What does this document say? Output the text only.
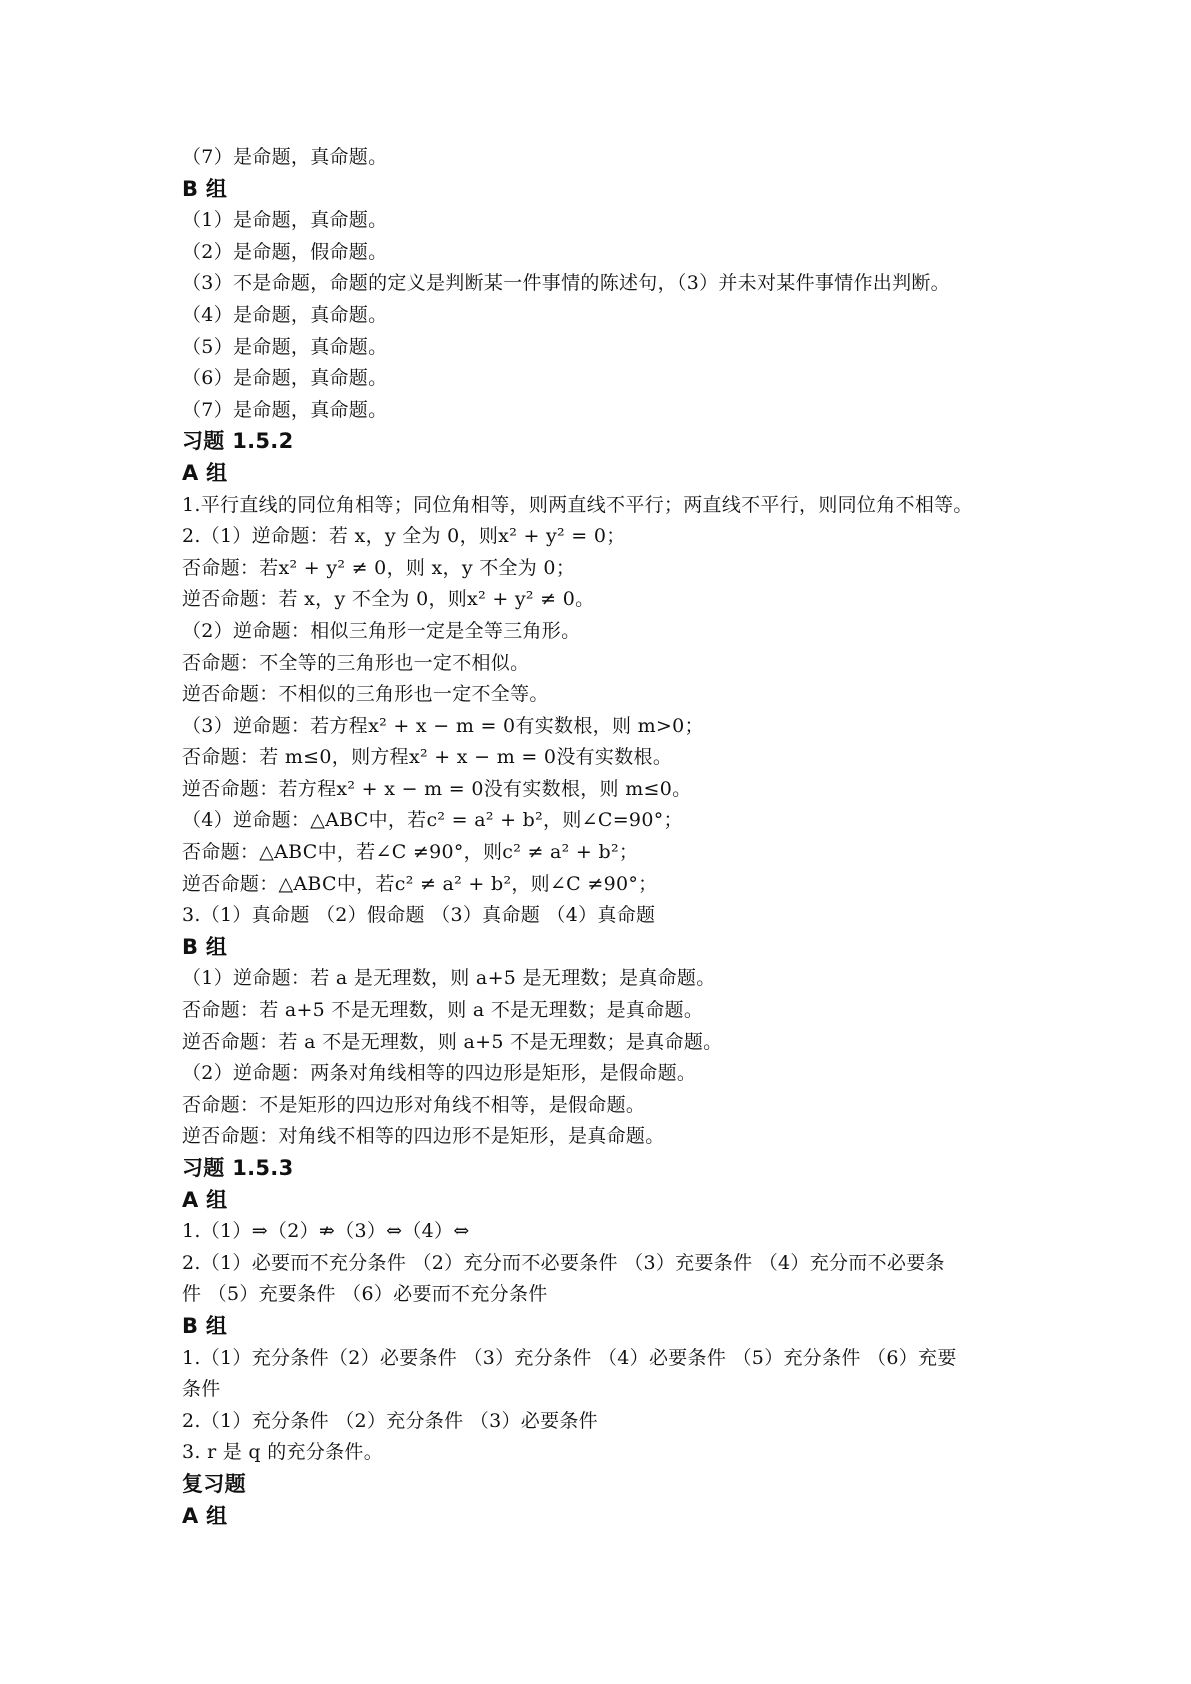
（7）是命题，真命题。
B 组
（1）是命题，真命题。
（2）是命题，假命题。
（3）不是命题，命题的定义是判断某一件事情的陈述句，（3）并未对某件事情作出判断。
（4）是命题，真命题。
（5）是命题，真命题。
（6）是命题，真命题。
（7）是命题，真命题。
习题 1.5.2
A 组
1.平行直线的同位角相等；同位角相等，则两直线不平行；两直线不平行，则同位角不相等。
2.（1）逆命题：若 x，y 全为 0，则x² + y² = 0；
否命题：若x² + y² ≠ 0，则 x，y 不全为 0；
逆否命题：若 x，y 不全为 0，则x² + y² ≠ 0。
（2）逆命题：相似三角形一定是全等三角形。
否命题：不全等的三角形也一定不相似。
逆否命题：不相似的三角形也一定不全等。
（3）逆命题：若方程x² + x − m = 0有实数根，则 m>0；
否命题：若 m≤0，则方程x² + x − m = 0没有实数根。
逆否命题：若方程x² + x − m = 0没有实数根，则 m≤0。
（4）逆命题：△ABC中，若c² = a² + b²，则∠C=90°；
否命题：△ABC中，若∠C ≠90°，则c² ≠ a² + b²；
逆否命题：△ABC中，若c² ≠ a² + b²，则∠C ≠90°；
3.（1）真命题 （2）假命题 （3）真命题 （4）真命题
B 组
（1）逆命题：若 a 是无理数，则 a+5 是无理数；是真命题。
否命题：若 a+5 不是无理数，则 a 不是无理数；是真命题。
逆否命题：若 a 不是无理数，则 a+5 不是无理数；是真命题。
（2）逆命题：两条对角线相等的四边形是矩形，是假命题。
否命题：不是矩形的四边形对角线不相等，是假命题。
逆否命题：对角线不相等的四边形不是矩形，是真命题。
习题 1.5.3
A 组
1.（1）⇒（2）⇏（3）⇔（4）⇔
2.（1）必要而不充分条件 （2）充分而不必要条件 （3）充要条件 （4）充分而不必要条
件 （5）充要条件 （6）必要而不充分条件
B 组
1.（1）充分条件（2）必要条件 （3）充分条件 （4）必要条件 （5）充分条件 （6）充要
条件
2.（1）充分条件 （2）充分条件 （3）必要条件
3. r 是 q 的充分条件。
复习题
A 组
